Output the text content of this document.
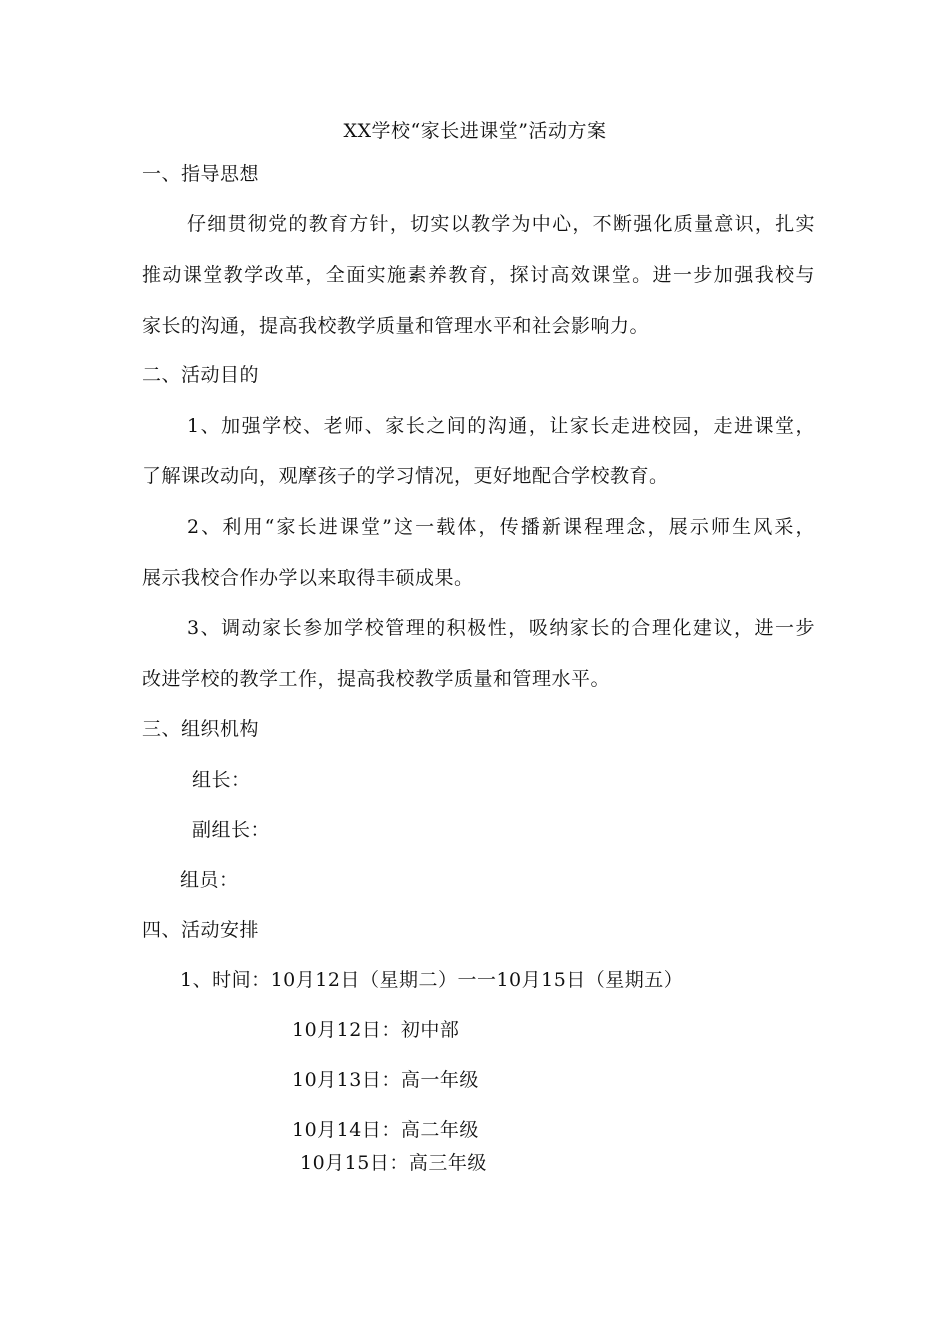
XX学校“家长进课堂”活动方案
一、指导思想
仔细贯彻党的教育方针，切实以教学为中心，不断强化质量意识，扎实
推动课堂教学改革，全面实施素养教育，探讨高效课堂。进一步加强我校与
家长的沟通，提高我校教学质量和管理水平和社会影响力。
二、活动目的
1、加强学校、老师、家长之间的沟通，让家长走进校园，走进课堂，
了解课改动向，观摩孩子的学习情况，更好地配合学校教育。
2、利用“家长进课堂”这一载体，传播新课程理念，展示师生风采，
展示我校合作办学以来取得丰硕成果。
3、调动家长参加学校管理的积极性，吸纳家长的合理化建议，进一步
改进学校的教学工作，提高我校教学质量和管理水平。
三、组织机构
组长：
副组长：
组员：
四、活动安排
1、时间：10月12日（星期二）一一10月15日（星期五）
10月12日：初中部
10月13日：高一年级
10月14日：高二年级
10月15日：高三年级
